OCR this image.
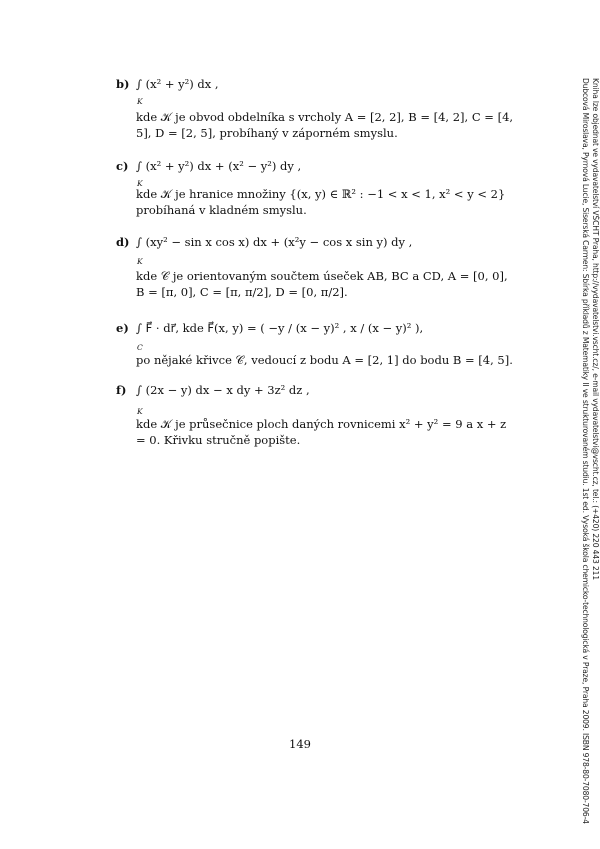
b) ∫ (x² + y²) dx ,
K
kde 𝒦 je obvod obdelníka s vrcholy A = [2, 2], B = [4, 2], C = [4, 5], D = [2, 5], probíhaný v záporném smyslu.
c) ∫ (x² + y²) dx + (x² − y²) dy ,
K
kde 𝒦 je hranice množiny {(x, y) ∈ ℝ² : −1 < x < 1, x² < y < 2} probíhaná v kladném smyslu.
d) ∫ (xy² − sin x cos x) dx + (x²y − cos x sin y) dy ,
K
kde 𝒞 je orientovaným součtem úseček AB, BC a CD, A = [0, 0], B = [π, 0], C = [π, π/2], D = [0, π/2].
e) ∫ F⃗ · dr⃗, kde F⃗(x, y) = ( −y / (x − y)² , x / (x − y)² ),
C
po nějaké křivce 𝒞, vedoucí z bodu A = [2, 1] do bodu B = [4, 5].
f) ∫ (2x − y) dx − x dy + 3z² dz ,
K
kde 𝒦 je průsečnice ploch daných rovnicemi x² + y² = 9 a x + z = 0. Křivku stručně popište.
149	Dubcová Miroslava, Pyrnová Lucie, Siserská Carmen: Sbírka příkladů z Matematiky II ve strukturovaném studiu. 1st ed. Vysoká škola chemicko-technologická v Praze, Praha 2009. ISBN 978-80-7080-706-4 Kniha lze objednat ve vydavatelství VŠCHT Praha, http://vydavatelstvi.vscht.cz/, e-mail vydavatelstvi@vscht.cz, tel.: (+420) 220 443 211
